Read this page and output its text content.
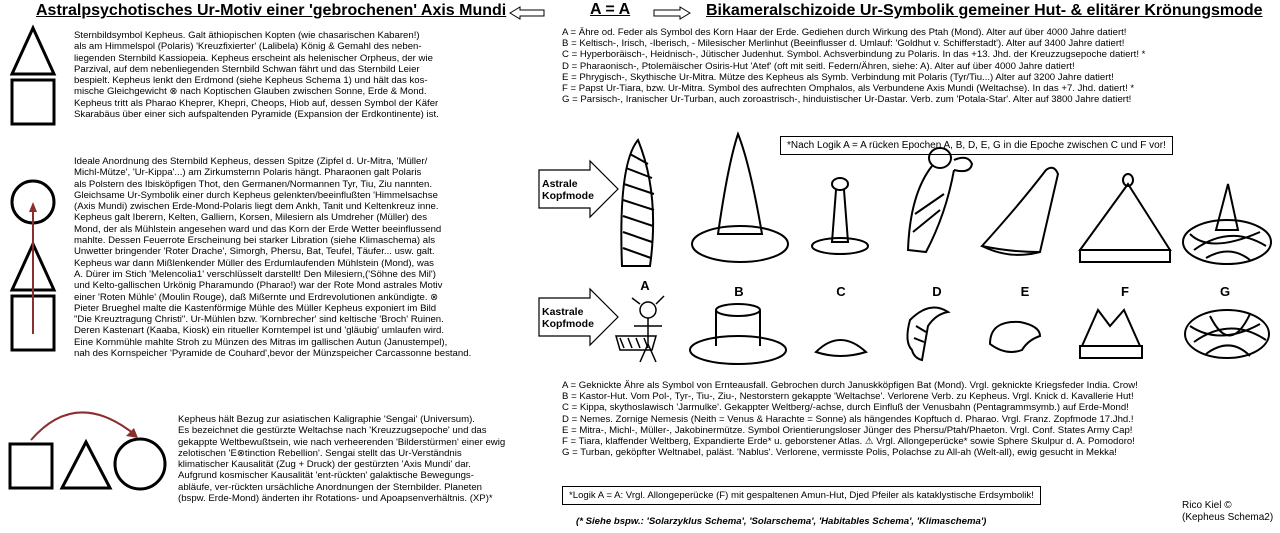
Astralpsychotisches Ur-Motiv einer 'gebrochenen' Axis Mundi	A = A	Bikameralschizoide Ur-Symbolik gemeiner Hut- & elitärer Krönungsmode
Sternbildsymbol Kepheus. Galt äthiopischen Kopten (wie chasarischen Kabaren!)
als am Himmelspol (Polaris) 'Kreuzfixierter' (Lalibela) König & Gemahl des neben-
liegenden Sternbild Kassiopeia. Kepheus erscheint als helenischer Orpheus, der wie
Parzival, auf dem nebenliegenden Sternbild Schwan fährt und das Sternbild Leier
bespielt. Kepheus lenkt den Erdmond (siehe Kepheus Schema 1) und hält das kos-
mische Gleichgewicht ⊗ nach Koptischen Glauben zwischen Sonne, Erde & Mond.
Kepheus tritt als Pharao Kheprer, Khepri, Cheops, Hiob auf, dessen Symbol der Käfer
Skarabäus über einer sich aufspaltenden Pyramide (Expansion der Erdkontinente) ist.
Ideale Anordnung des Sternbild Kepheus, dessen Spitze (Zipfel d. Ur-Mitra, 'Müller/
Michl-Mütze', 'Ur-Kippa'...) am Zirkumsternn Polaris hängt. Pharaonen galt Polaris
als Polstern des Ibisköpfigen Thot, den Germanen/Normannen Tyr, Tiu, Ziu nannten.
Gleichsame Ur-Symbolik einer durch Kepheus gelenkten/beeinflußten 'Himmelsachse
(Axis Mundi) zwischen Erde-Mond-Polaris liegt dem Ankh, Tanit und Keltenkreuz inne.
Kepheus galt Iberern, Kelten, Galliern, Korsen, Milesiern als Umdreher (Müller) des
Mond, der als Mühlstein angesehen ward und das Korn der Erde Wetter beeinflussend
mahlte. Dessen Feuerrote Erscheinung bei starker Libration (siehe Klimaschema) als
Unwetter bringender 'Roter Drache', Simorgh, Phersu, Bat, Teufel, Täufer... usw. galt.
Kepheus war dann Mißlenkender Müller des Erdumlaufenden Mühlstein (Mond), was
A. Dürer im Stich 'Melencolia1' verschlüsselt darstellt! Den Milesiern,('Söhne des Mil')
und Kelto-gallischen Urkönig Pharamundo (Pharao!) war der Rote Mond astrales Motiv
einer 'Roten Mühle' (Moulin Rouge), daß Mißernte und Erdrevolutionen ankündigte. ⊗
Pieter Brueghel malte die Kastenförmige Mühle des Müller Kepheus exponiert im Bild
"Die Kreuztragung Christi". Ur-Mühlen bzw. 'Kornbrecher' sind keltische 'Broch' Ruinen.
Deren Kastenart (Kaaba, Kiosk) ein ritueller Korntempel ist und 'gläubig' umlaufen wird.
Eine Kornmühle mahlte Stroh zu Münzen des Mitras im gallischen Autun (Janustempel),
nah des Kornspeicher 'Pyramide de Couhard',bevor der Münzspeicher Carcassonne bestand.
Kepheus hält Bezug zur asiatischen Kaligraphie 'Sengai' (Universum).
Es bezeichnet die gestürzte Weltachse nach 'Kreuzzugsepoche' und das
gekappte Weltbewußtsein, wie nach verheerenden 'Bilderstürmen' einer ewig
zelotischen 'E⊗tinction Rebellion'. Sengai stellt das Ur-Verständnis
klimatischer Kausalität (Zug + Druck) der gestürzten 'Axis Mundi' dar.
Aufgrund kosmischer Kausalität 'ent-rückten' galaktische Bewegungs-
abläufe, ver-rückten ursächliche Anordnungen der Sternbilder. Planeten
(bspw. Erde-Mond) änderten ihr Rotations- und Apoapsenverhältnis. (XP)*
A = Ähre od. Feder als Symbol des Korn Haar der Erde. Gediehen durch Wirkung des Ptah (Mond). Alter auf über 4000 Jahre datiert!
B = Keltisch-, Irisch, -Iberisch, - Milesischer Merlinhut (Beeinflusser d. Umlauf: 'Goldhut v. Schifferstadt'). Alter auf 3400 Jahre datiert!
C = Hyperboräisch-, Heidnisch-, Jütischer Judenhut. Symbol. Achsverbindung zu Polaris. In das +13. Jhd. der Kreuzzugsepoche datiert! *
D = Pharaonisch-, Ptolemäischer Osiris-Hut 'Atef' (oft mit seitl. Federn/Ähren, siehe: A). Alter auf über 4000 Jahre datiert!
E = Phrygisch-, Skythische Ur-Mitra. Mütze des Kepheus als Symb. Verbindung mit Polaris (Tyr/Tiu...) Alter auf 3200 Jahre datiert!
F = Papst Ur-Tiara, bzw. Ur-Mitra. Symbol des aufrechten Omphalos, als Verbundene Axis Mundi (Weltachse). In das +7. Jhd. datiert! *
G = Parsisch-, Iranischer Ur-Turban, auch zoroastrisch-, hinduistischer Ur-Dastar. Verb. zum 'Potala-Star'. Alter auf 3800 Jahre datiert!
*Nach Logik A = A rücken Epochen A, B, D, E, G in die Epoche zwischen C und F vor!
Astrale Kopfmode
Kastrale Kopfmode
A	B	C	D	E	F	G
A = Geknickte Ähre als Symbol von Ernteausfall. Gebrochen durch Januskköpfigen Bat (Mond). Vrgl. geknickte Kriegsfeder India. Crow!
B = Kastor-Hut. Vom Pol-, Tyr-, Tiu-, Ziu-, Nestorstern gekappte 'Weltachse'. Verlorene Verb. zu Kepheus. Vrgl. Knick d. Kavallerie Hut!
C = Kippa, skythoslawisch 'Jarmulke'. Gekappter Weltberg/-achse, durch Einfluß der Venusbahn (Pentagrammsymb.) auf Erde-Mond!
D = Nemes. Zornige Nemesis (Neith = Venus & Harachte = Sonne) als hängendes Kopftuch d. Pharao. Vrgl. Franz. Zopfmode 17.Jhd.!
E = Mitra-, Michl-, Müller-, Jakobinermütze. Symbol Orientierungsloser Jünger des Phersu/Ptah/Phaeton. Vrgl. Conf. States Army Cap!
F = Tiara, klaffender Weltberg, Expandierte Erde* u. geborstener Atlas. ⚠ Vrgl. Allongeperücke* sowie Sphere Skulpur d. A. Pomodoro!
G = Turban, geköpfter Weltnabel, paläst. 'Nablus'. Verlorene, vermisste Polis, Polachse zu All-ah (Welt-all), ewig gesucht in Mekka!
*Logik A = A: Vrgl. Allongeperücke (F) mit gespaltenen Amun-Hut, Djed Pfeiler als kataklystische Erdsymbolik!
(* Siehe bspw.: 'Solarzyklus Schema', 'Solarschema', 'Habitables Schema', 'Klimaschema')
Rico Kiel ©
(Kepheus Schema2)
